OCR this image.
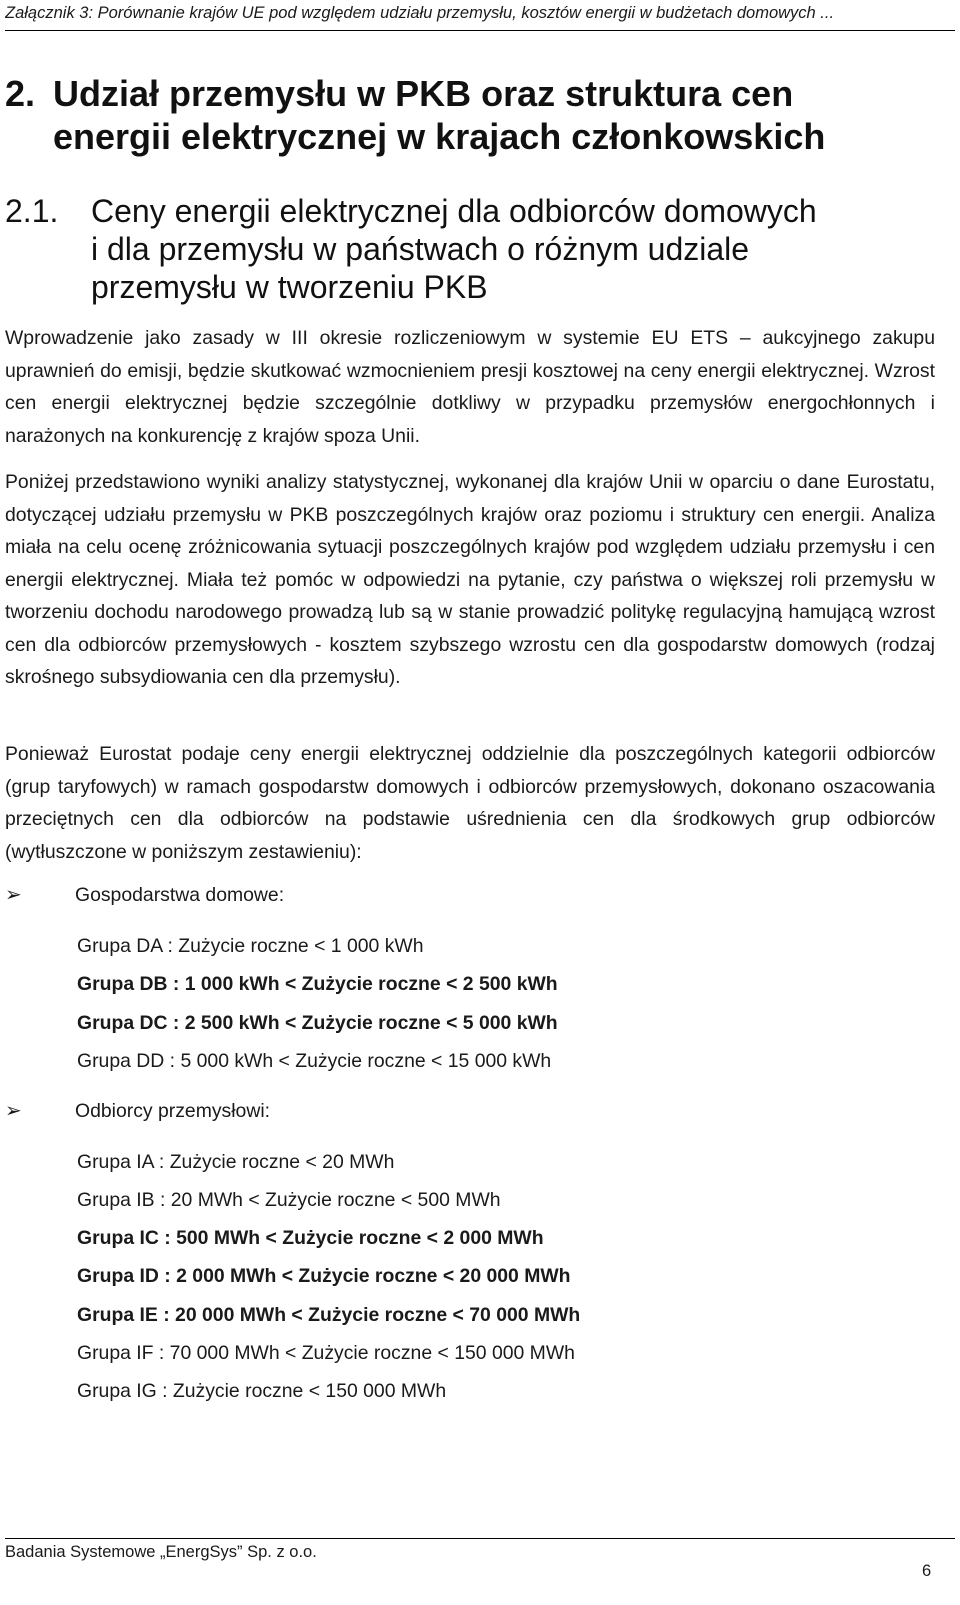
Załącznik 3: Porównanie krajów UE pod względem udziału przemysłu, kosztów energii w budżetach domowych ...
2. Udział przemysłu w PKB oraz struktura cen
energii elektrycznej w krajach członkowskich
2.1. Ceny energii elektrycznej dla odbiorców domowych
i dla przemysłu w państwach o różnym udziale
przemysłu w tworzeniu PKB

Wprowadzenie jako zasady w III okresie rozliczeniowym w systemie EU ETS – aukcyjnego zakupu uprawnień do emisji, będzie skutkować wzmocnieniem presji kosztowej na ceny energii elektrycznej. Wzrost cen energii elektrycznej będzie szczególnie dotkliwy w przypadku przemysłów energochłonnych i narażonych na konkurencję z krajów spoza Unii.

Poniżej przedstawiono wyniki analizy statystycznej, wykonanej dla krajów Unii w oparciu o dane Eurostatu, dotyczącej udziału przemysłu w PKB poszczególnych krajów oraz poziomu i struktury cen energii. Analiza miała na celu ocenę zróżnicowania sytuacji poszczególnych krajów pod względem udziału przemysłu i cen energii elektrycznej. Miała też pomóc w odpowiedzi na pytanie, czy państwa o większej roli przemysłu w tworzeniu dochodu narodowego prowadzą lub są w stanie prowadzić politykę regulacyjną hamującą wzrost cen dla odbiorców przemysłowych - kosztem szybszego wzrostu cen dla gospodarstw domowych (rodzaj skrośnego subsydiowania cen dla przemysłu).

Ponieważ Eurostat podaje ceny energii elektrycznej oddzielnie dla poszczególnych kategorii odbiorców (grup taryfowych) w ramach gospodarstw domowych i odbiorców przemysłowych, dokonano oszacowania przeciętnych cen dla odbiorców na podstawie uśrednienia cen dla środkowych grup odbiorców (wytłuszczone w poniższym zestawieniu):

➢	Gospodarstwa domowe:
Grupa DA : Zużycie roczne < 1 000 kWh
Grupa DB : 1 000 kWh < Zużycie roczne < 2 500 kWh
Grupa DC : 2 500 kWh < Zużycie roczne < 5 000 kWh
Grupa DD : 5 000 kWh < Zużycie roczne < 15 000 kWh
➢	Odbiorcy przemysłowi:
Grupa IA : Zużycie roczne < 20 MWh
Grupa IB : 20 MWh < Zużycie roczne < 500 MWh
Grupa IC : 500 MWh < Zużycie roczne < 2 000 MWh
Grupa ID : 2 000 MWh < Zużycie roczne < 20 000 MWh
Grupa IE : 20 000 MWh < Zużycie roczne < 70 000 MWh
Grupa IF : 70 000 MWh < Zużycie roczne < 150 000 MWh
Grupa IG : Zużycie roczne < 150 000 MWh
Badania Systemowe „EnergSys” Sp. z o.o.
6
